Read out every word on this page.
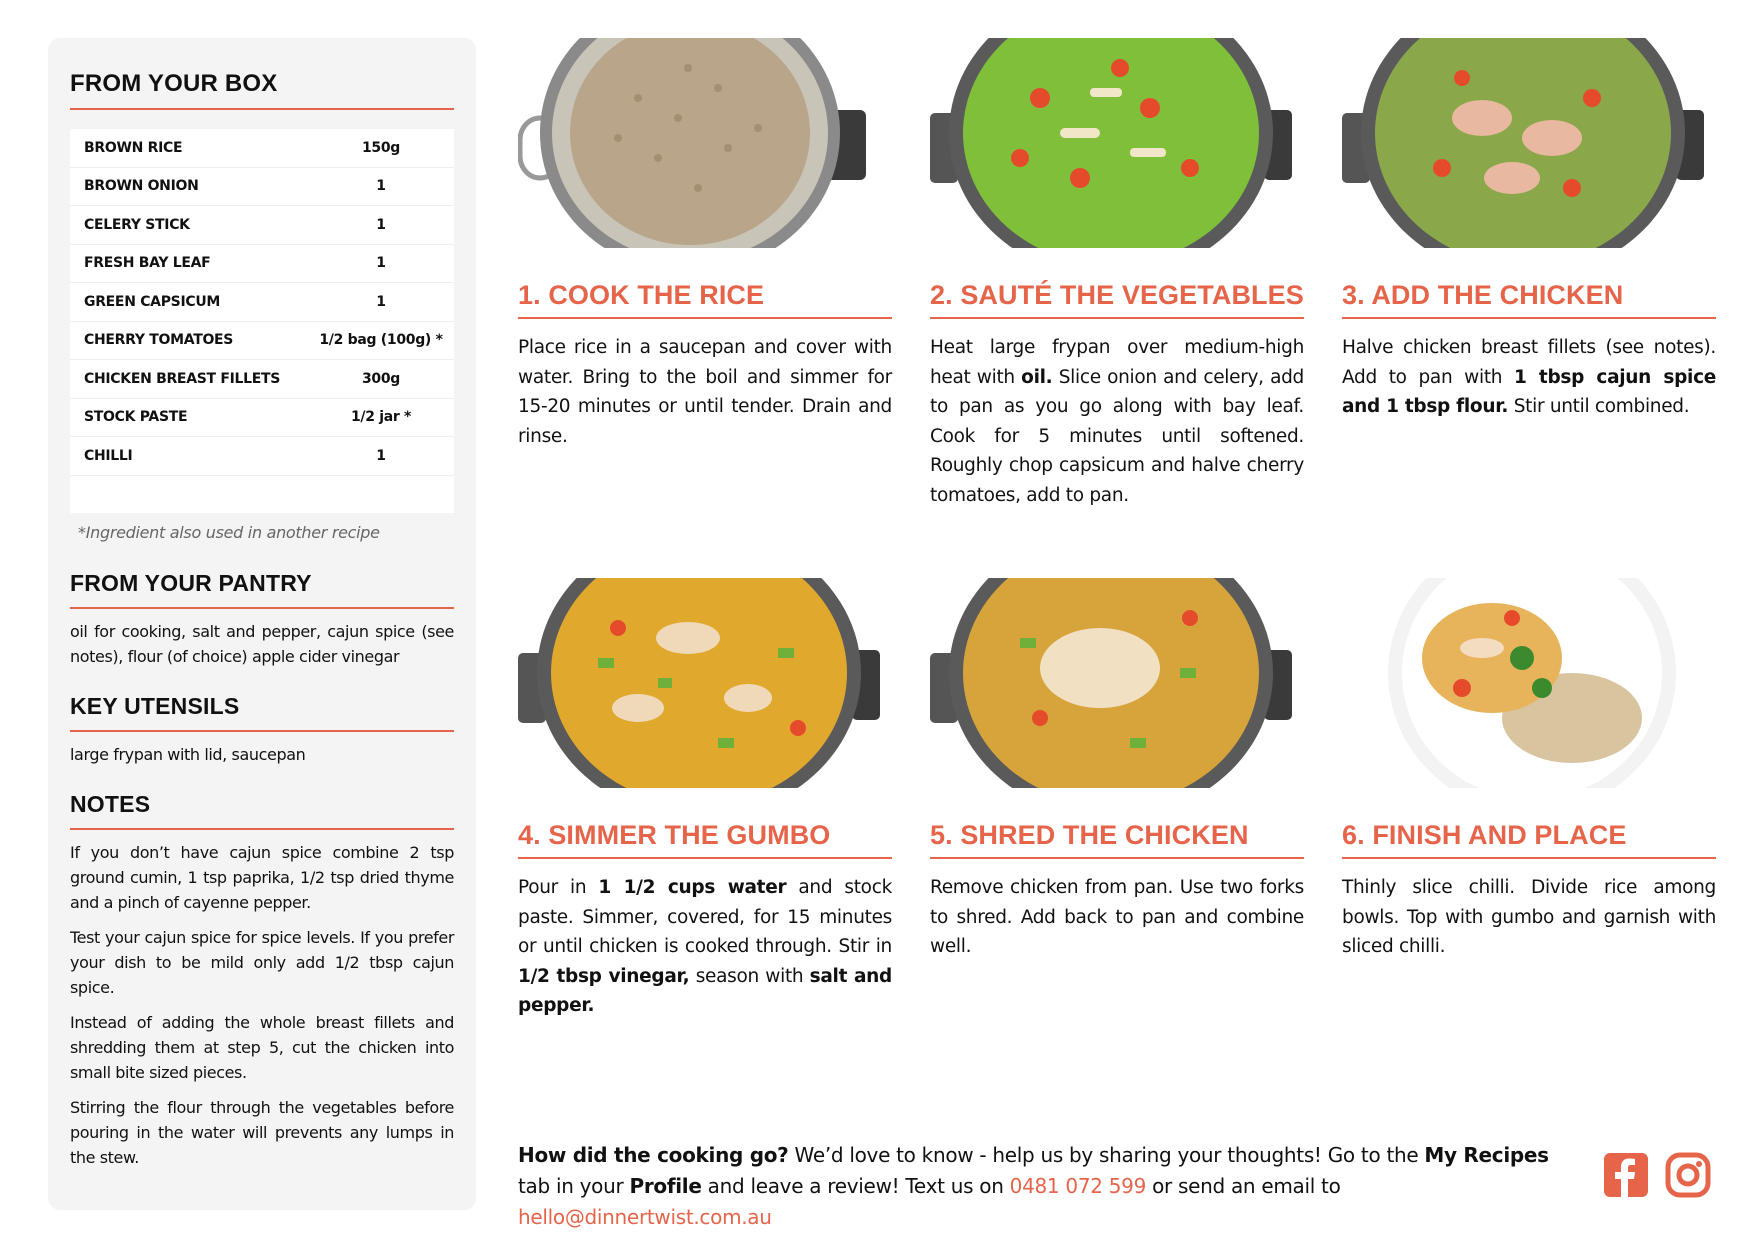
FROM YOUR BOX
BROWN RICE	150g
BROWN ONION	1
CELERY STICK	1
FRESH BAY LEAF	1
GREEN CAPSICUM	1
CHERRY TOMATOES	1/2 bag (100g) *
CHICKEN BREAST FILLETS	300g
STOCK PASTE	1/2 jar *
CHILLI	1
*Ingredient also used in another recipe
FROM YOUR PANTRY
oil for cooking, salt and pepper, cajun spice (see notes), flour (of choice) apple cider vinegar
KEY UTENSILS
large frypan with lid, saucepan
NOTES
If you don’t have cajun spice combine 2 tsp ground cumin, 1 tsp paprika, 1/2 tsp dried thyme and a pinch of cayenne pepper.
Test your cajun spice for spice levels. If you prefer your dish to be mild only add 1/2 tbsp cajun spice.
Instead of adding the whole breast fillets and shredding them at step 5, cut the chicken into small bite sized pieces.
Stirring the flour through the vegetables before pouring in the water will prevents any lumps in the stew.
1. COOK THE RICE
Place rice in a saucepan and cover with water. Bring to the boil and simmer for 15-20 minutes or until tender. Drain and rinse.
2. SAUTÉ THE VEGETABLES
Heat large frypan over medium-high heat with oil. Slice onion and celery, add to pan as you go along with bay leaf. Cook for 5 minutes until softened. Roughly chop capsicum and halve cherry tomatoes, add to pan.
3. ADD THE CHICKEN
Halve chicken breast fillets (see notes). Add to pan with 1 tbsp cajun spice and 1 tbsp flour. Stir until combined.
4. SIMMER THE GUMBO
Pour in 1 1/2 cups water and stock paste. Simmer, covered, for 15 minutes or until chicken is cooked through. Stir in 1/2 tbsp vinegar, season with salt and pepper.
5. SHRED THE CHICKEN
Remove chicken from pan. Use two forks to shred. Add back to pan and combine well.
6. FINISH AND PLACE
Thinly slice chilli. Divide rice among bowls. Top with gumbo and garnish with sliced chilli.
How did the cooking go? We’d love to know - help us by sharing your thoughts! Go to the My Recipes tab in your Profile and leave a review! Text us on 0481 072 599 or send an email to hello@dinnertwist.com.au
